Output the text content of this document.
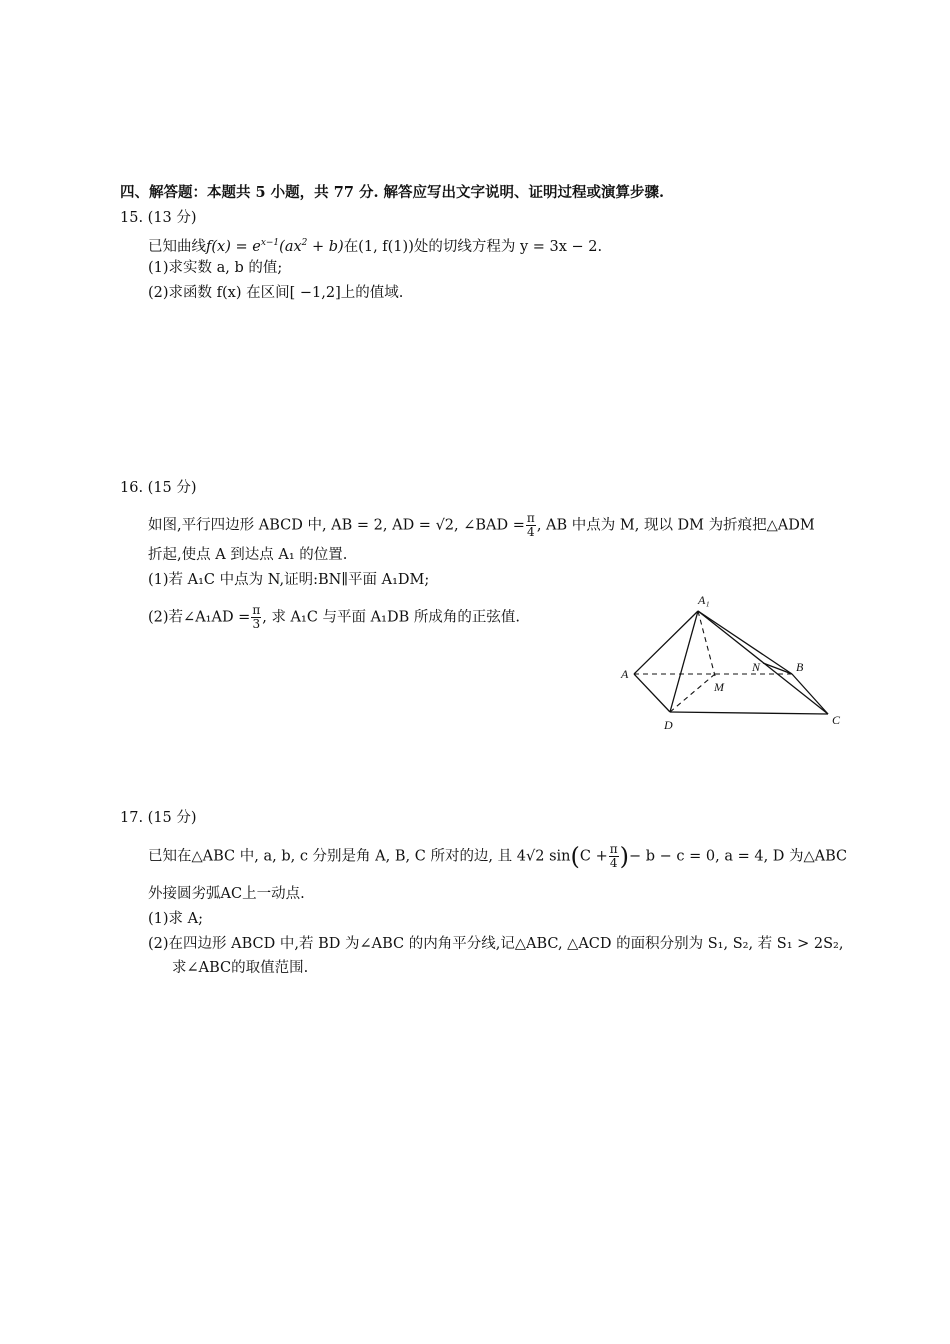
四、解答题：本题共 5 小题，共 77 分. 解答应写出文字说明、证明过程或演算步骤.
15. (13 分)
已知曲线$f(x) = e^{x-1}(ax^2 + b)$在(1, f(1))处的切线方程为 y = 3x − 2.
(1)求实数 a, b 的值;
(2)求函数 f(x) 在区间[ −1,2]上的值域.
16. (15 分)
如图,平行四边形 ABCD 中, AB = 2, AD = √2, ∠BAD = $\frac{\pi}{4}$ , AB 中点为 M, 现以 DM 为折痕把△ADM
折起,使点 A 到达点 A₁ 的位置.
(1)若 A₁C 中点为 N,证明:BN∥平面 A₁DM;
(2)若∠A₁AD = $\frac{\pi}{3}$ , 求 A₁C 与平面 A₁DB 所成角的正弦值.
A₁
A	B
C
D
M
N
17. (15 分)
已知在△ABC 中, a, b, c 分别是角 A, B, C 所对的边, 且 4√2 $\sin(C + \frac{\pi}{4}$ )− b − c = 0, a = 4, D 为△ABC
外接圆劣弧AC上一动点.
(1)求 A;
(2)在四边形 ABCD 中,若 BD 为∠ABC 的内角平分线,记△ABC, △ACD 的面积分别为 S₁, S₂, 若 S₁ > 2S₂,
求∠ABC的取值范围.
